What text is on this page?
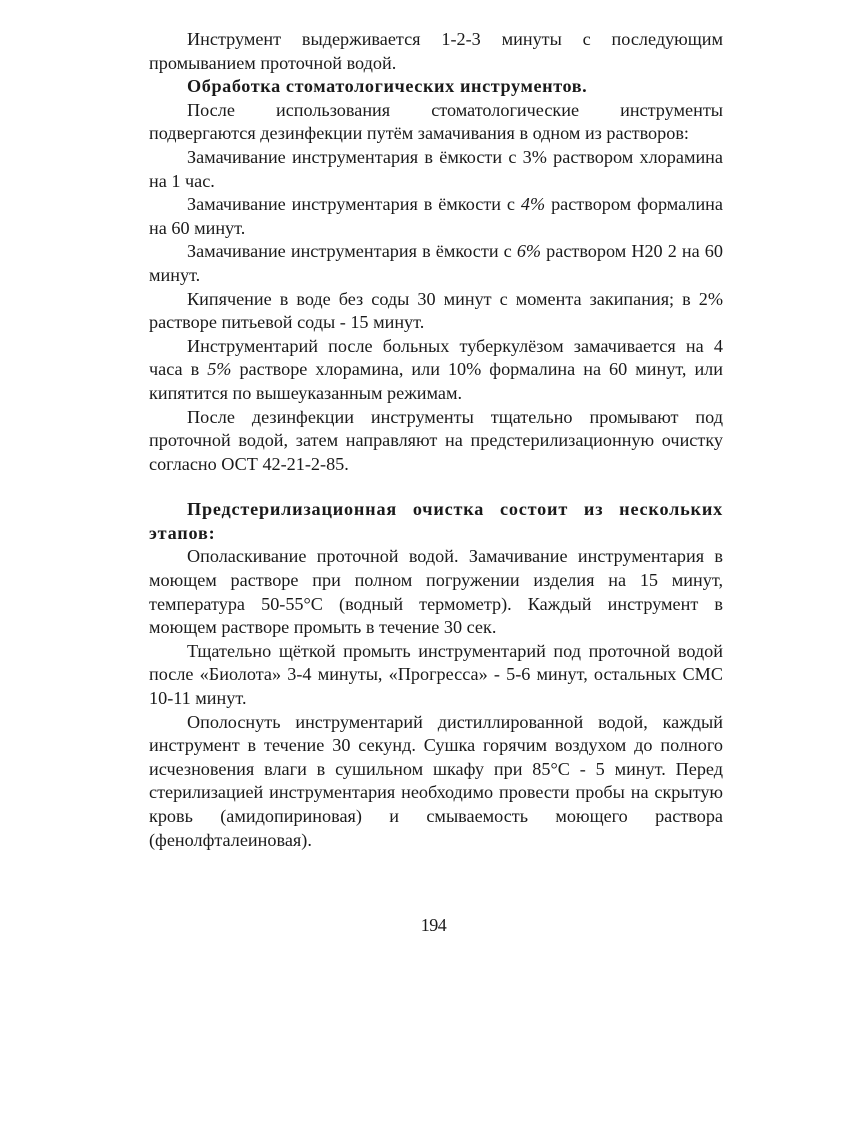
Инструмент выдерживается 1-2-3 минуты с последующим промыванием проточной водой.

Обработка стоматологических инструментов.

После использования стоматологические инструменты подвергаются дезинфекции путём замачивания в одном из растворов:

Замачивание инструментария в ёмкости с 3% раствором хлорамина на 1 час.

Замачивание инструментария в ёмкости с 4% раствором формалина на 60 минут.

Замачивание инструментария в ёмкости с 6% раствором Н20 2 на 60 минут.

Кипячение в воде без соды 30 минут с момента закипания; в 2% растворе питьевой соды - 15 минут.

Инструментарий после больных туберкулёзом замачивается на 4 часа в 5% растворе хлорамина, или 10% формалина на 60 минут, или кипятится по вышеуказанным режимам.

После дезинфекции инструменты тщательно промывают под проточной водой, затем направляют на предстерилизационную очистку согласно ОСТ 42-21-2-85.

Предстерилизационная очистка состоит из нескольких этапов:

Ополаскивание проточной водой. Замачивание инструментария в моющем растворе при полном погружении изделия на 15 минут, температура 50-55°С (водный термометр). Каждый инструмент в моющем растворе промыть в течение 30 сек.

Тщательно щёткой промыть инструментарий под проточной водой после «Биолота» 3-4 минуты, «Прогресса» - 5-6 минут, остальных СМС 10-11 минут.

Ополоснуть инструментарий дистиллированной водой, каждый инструмент в течение 30 секунд. Сушка горячим воздухом до полного исчезновения влаги в сушильном шкафу при 85°С - 5 минут. Перед стерилизацией инструментария необходимо провести пробы на скрытую кровь (амидопириновая) и смываемость моющего раствора (фенолфталеиновая).

194
